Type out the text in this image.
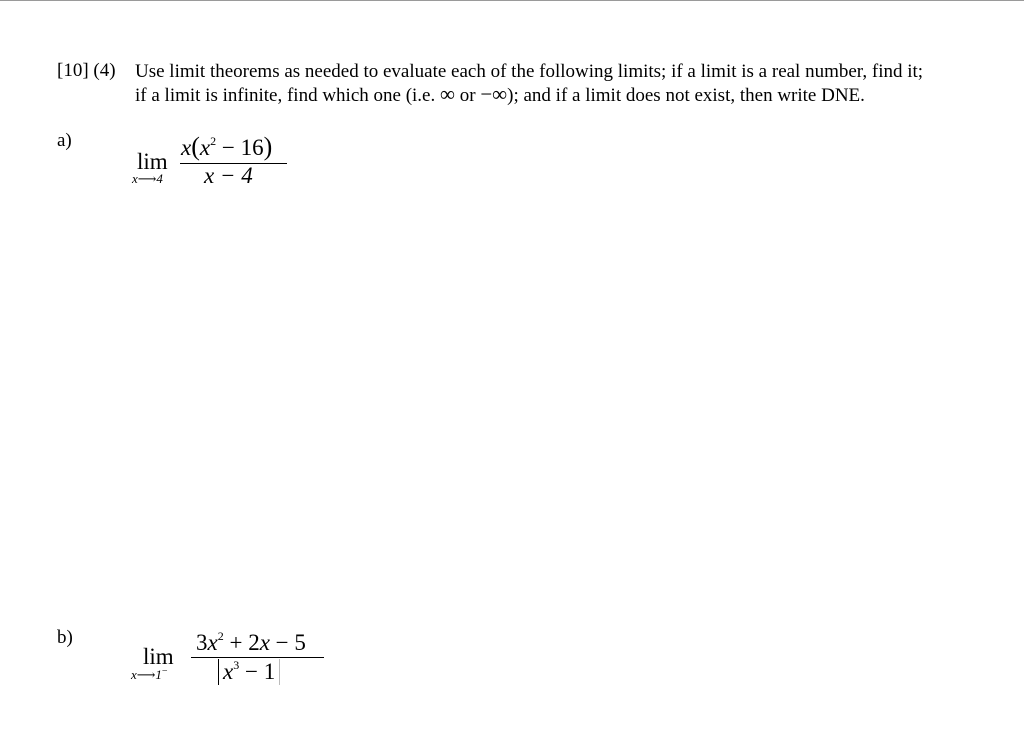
[10] (4) Use limit theorems as needed to evaluate each of the following limits; if a limit is a real number, find it;
if a limit is infinite, find which one (i.e. ∞ or −∞); and if a limit does not exist, then write DNE.
a)
lim
x⟶4
$x(x^2 - 16)$
x − 4
b)
lim
x⟶1−
$3x^2 + 2x - 5$
$x^3 - 1$
